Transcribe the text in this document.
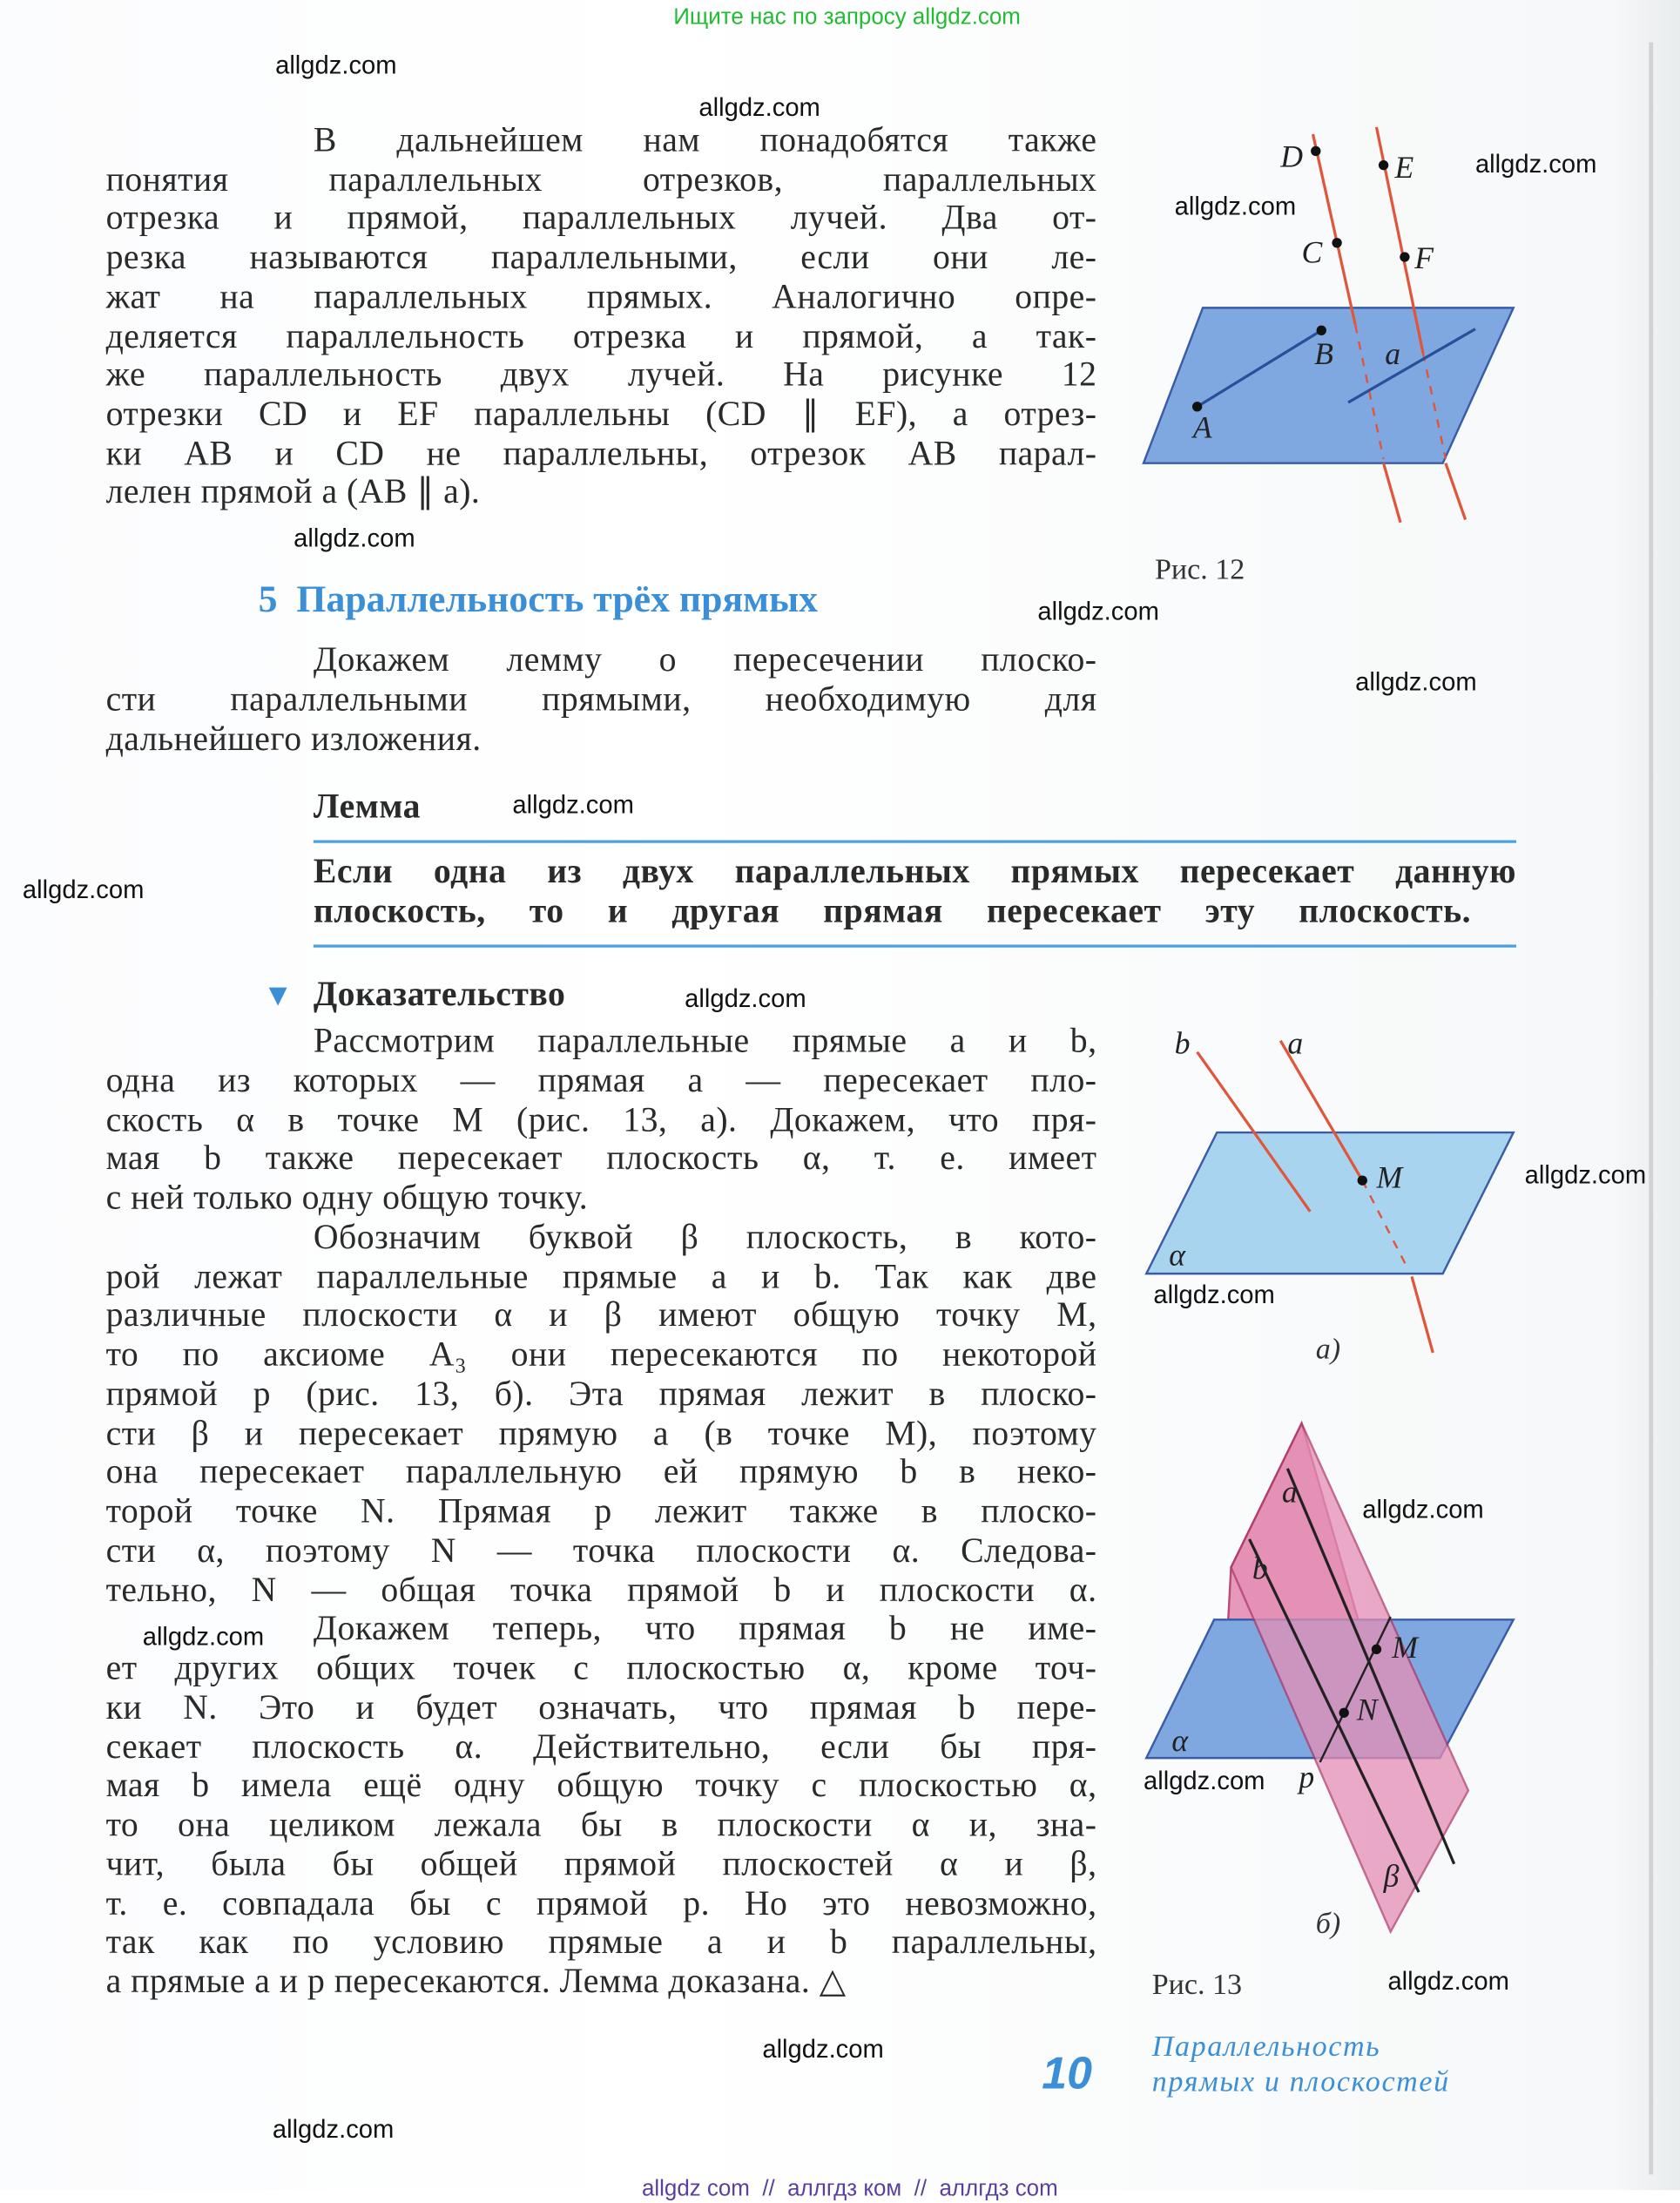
Ищите нас по запросу allgdz.com
В дальнейшем нам понадобятся также
понятия параллельных отрезков, параллельных
отрезка и прямой, параллельных лучей. Два от-
резка называются параллельными, если они ле-
жат на параллельных прямых. Аналогично опре-
деляется параллельность отрезка и прямой, а так-
же параллельность двух лучей. На рисунке 12
отрезки CD и EF параллельны (CD ∥ EF), а отрез-
ки AB и CD не параллельны, отрезок AB парал-
лелен прямой a (AB ∥ a).
5 Параллельность трёх прямых
Докажем лемму о пересечении плоско-
сти параллельными прямыми, необходимую для
дальнейшего изложения.
Лемма
Если одна из двух параллельных прямых пересекает данную
плоскость, то и другая прямая пересекает эту плоскость.
▼ Доказательство
Рассмотрим параллельные прямые a и b,
одна из которых — прямая a — пересекает пло-
скость α в точке M (рис. 13, а). Докажем, что пря-
мая b также пересекает плоскость α, т. е. имеет
с ней только одну общую точку.
Обозначим буквой β плоскость, в кото-
рой лежат параллельные прямые a и b. Так как две
различные плоскости α и β имеют общую точку M,
то по аксиоме A₃ они пересекаются по некоторой
прямой p (рис. 13, б). Эта прямая лежит в плоско-
сти β и пересекает прямую a (в точке M), поэтому
она пересекает параллельную ей прямую b в неко-
торой точке N. Прямая p лежит также в плоско-
сти α, поэтому N — точка плоскости α. Следова-
тельно, N — общая точка прямой b и плоскости α.
Докажем теперь, что прямая b не име-
ет других общих точек с плоскостью α, кроме точ-
ки N. Это и будет означать, что прямая b пере-
секает плоскость α. Действительно, если бы пря-
мая b имела ещё одну общую точку с плоскостью α,
то она целиком лежала бы в плоскости α и, зна-
чит, была бы общей прямой плоскостей α и β,
т. е. совпадала бы с прямой p. Но это невозможно,
так как по условию прямые a и b параллельны,
а прямые a и p пересекаются. Лемма доказана. △
D	E
C	F
B	a
A
b	a
M
α
a
b
M
N
α
p
β
Рис. 12
а)
б)
Рис. 13
10
Параллельность
прямых и плоскостей
allgdz com  //  аллгдз ком  //  аллгдз com
allgdz.com
allgdz.com
allgdz.com
allgdz.com
allgdz.com
allgdz.com
allgdz.com
allgdz.com
allgdz.com
allgdz.com
allgdz.com
allgdz.com
allgdz.com
allgdz.com
allgdz.com
allgdz.com
allgdz.com
allgdz.com
